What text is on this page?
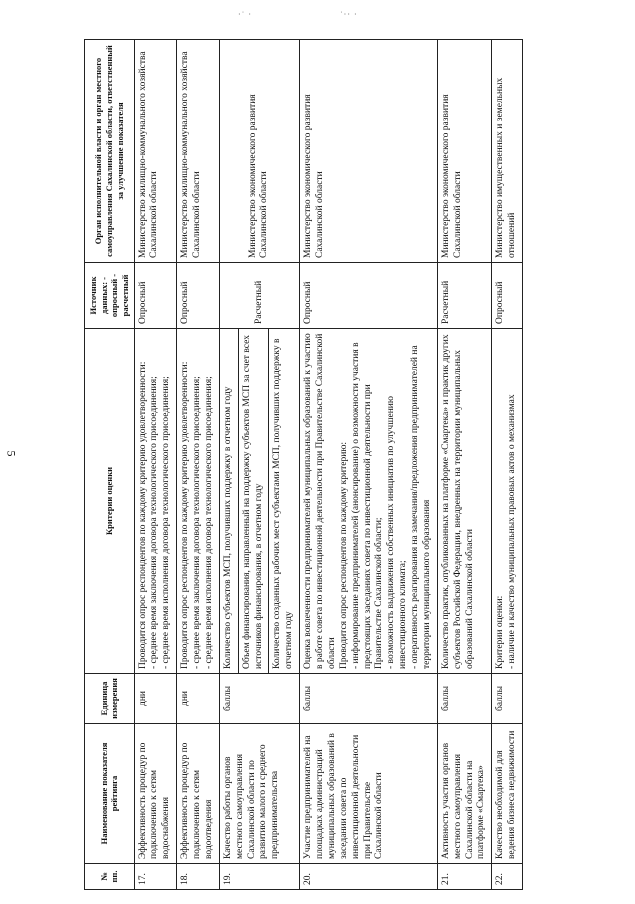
5
·˙ ·	˙·· ·
№ пп.	Наименование показателя рейтинга	Единица измерения	Критерии оценки	Источник данных: - опросный - расчетный	Орган исполнительной власти и орган местного самоуправления Сахалинской области, ответственный за улучшение показателя
17.	Эффективность процедур по подключению к сетям водоснабжения	дни	Проводится опрос респондентов по каждому критерию удовлетворенности: - среднее время заключения договора технологического присоединения; - среднее время исполнения договора технологического присоединения;	Опросный	Министерство жилищно-коммунального хозяйства Сахалинской области
18.	Эффективность процедур по подключению к сетям водоотведения	дни	Проводится опрос респондентов по каждому критерию удовлетворенности: - среднее время заключения договора технологического присоединения; - среднее время исполнения договора технологического присоединения;	Опросный	Министерство жилищно-коммунального хозяйства Сахалинской области
19.	Качество работы органов местного самоуправления Сахалинской области по развитию малого и среднего предпринимательства	баллы	Количество субъектов МСП, получивших поддержку в отчетном году Объем финансирования, направленный на поддержку субъектов МСП за счет всех источников финансирования, в отчетном году Количество созданных рабочих мест субъектами МСП, получивших поддержку в отчетном году	Расчетный	Министерство экономического развития Сахалинской области
20.	Участие предпринимателей на площадках администраций муниципальных образований в заседании совета по инвестиционной деятельности при Правительстве Сахалинской области	баллы	Оценка вовлеченности предпринимателей муниципальных образований к участию в работе совета по инвестиционной деятельности при Правительстве Сахалинской области Проводится опрос респондентов по каждому критерию: - информирование предпринимателей (анонсирование) о возможности участия в предстоящих заседаниях совета по инвестиционной деятельности при Правительстве Сахалинской области; - возможность выдвижения собственных инициатив по улучшению инвестиционного климата; - оперативность реагирования на замечания/предложения предпринимателей на территории муниципального образования	Опросный	Министерство экономического развития Сахалинской области
21.	Активность участия органов местного самоуправления Сахалинской области на платформе «Смартека»	баллы	Количество практик, опубликованных на платформе «Смартека» и практик других субъектов Российской Федерации, внедренных на территории муниципальных образований Сахалинской области	Расчетный	Министерство экономического развития Сахалинской области
22.	Качество необходимой для ведения бизнеса недвижимости	баллы	Критерии оценки: - наличие и качество муниципальных правовых актов о механизмах	Опросный	Министерство имущественных и земельных отношений
